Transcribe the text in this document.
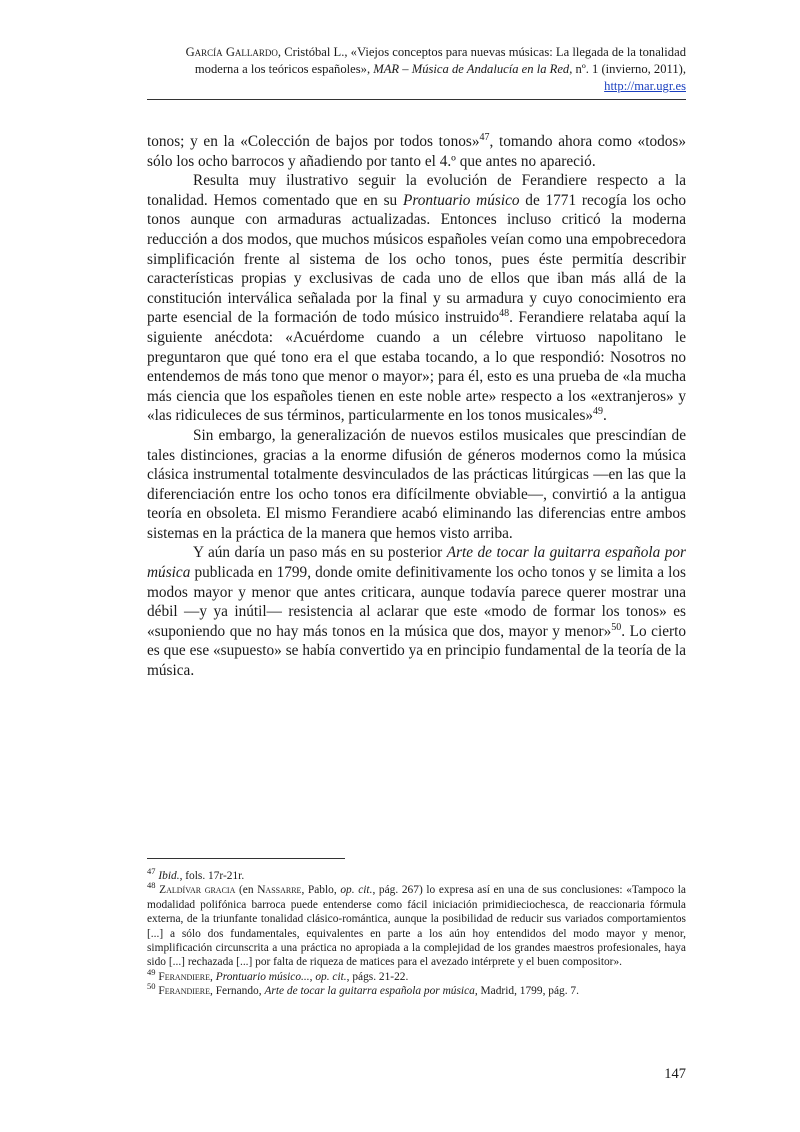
García Gallardo, Cristóbal L., «Viejos conceptos para nuevas músicas: La llegada de la tonalidad moderna a los teóricos españoles», MAR – Música de Andalucía en la Red, nº. 1 (invierno, 2011), http://mar.ugr.es

tonos; y en la «Colección de bajos por todos tonos»$^{47}$, tomando ahora como «todos» sólo los ocho barrocos y añadiendo por tanto el 4.º que antes no apareció.

Resulta muy ilustrativo seguir la evolución de Ferandiere respecto a la tonalidad. Hemos comentado que en su Prontuario músico de 1771 recogía los ocho tonos aunque con armaduras actualizadas. Entonces incluso criticó la moderna reducción a dos modos, que muchos músicos españoles veían como una empobrecedora simplificación frente al sistema de los ocho tonos, pues éste permitía describir características propias y exclusivas de cada uno de ellos que iban más allá de la constitución interválica señalada por la final y su armadura y cuyo conocimiento era parte esencial de la formación de todo músico instruido$^{48}$. Ferandiere relataba aquí la siguiente anécdota: «Acuérdome cuando a un célebre virtuoso napolitano le preguntaron que qué tono era el que estaba tocando, a lo que respondió: Nosotros no entendemos de más tono que menor o mayor»; para él, esto es una prueba de «la mucha más ciencia que los españoles tienen en este noble arte» respecto a los «extranjeros» y «las ridiculeces de sus términos, particularmente en los tonos musicales»$^{49}$.

Sin embargo, la generalización de nuevos estilos musicales que prescindían de tales distinciones, gracias a la enorme difusión de géneros modernos como la música clásica instrumental totalmente desvinculados de las prácticas litúrgicas —en las que la diferenciación entre los ocho tonos era difícilmente obviable—, convirtió a la antigua teoría en obsoleta. El mismo Ferandiere acabó eliminando las diferencias entre ambos sistemas en la práctica de la manera que hemos visto arriba.

Y aún daría un paso más en su posterior Arte de tocar la guitarra española por música publicada en 1799, donde omite definitivamente los ocho tonos y se limita a los modos mayor y menor que antes criticara, aunque todavía parece querer mostrar una débil —y ya inútil— resistencia al aclarar que este «modo de formar los tonos» es «suponiendo que no hay más tonos en la música que dos, mayor y menor»$^{50}$. Lo cierto es que ese «supuesto» se había convertido ya en principio fundamental de la teoría de la música.

$^{47}$ Ibid., fols. 17r-21r.

$^{48}$ Zaldívar gracia (en Nassarre, Pablo, op. cit., pág. 267) lo expresa así en una de sus conclusiones: «Tampoco la modalidad polifónica barroca puede entenderse como fácil iniciación primidieciochesca, de reaccionaria fórmula externa, de la triunfante tonalidad clásico-romántica, aunque la posibilidad de reducir sus variados comportamientos [...] a sólo dos fundamentales, equivalentes en parte a los aún hoy entendidos del modo mayor y menor, simplificación circunscrita a una práctica no apropiada a la complejidad de los grandes maestros profesionales, haya sido [...] rechazada [...] por falta de riqueza de matices para el avezado intérprete y el buen compositor».

$^{49}$ Ferandiere, Prontuario músico..., op. cit., págs. 21-22.

$^{50}$ Ferandiere, Fernando, Arte de tocar la guitarra española por música, Madrid, 1799, pág. 7.

147
